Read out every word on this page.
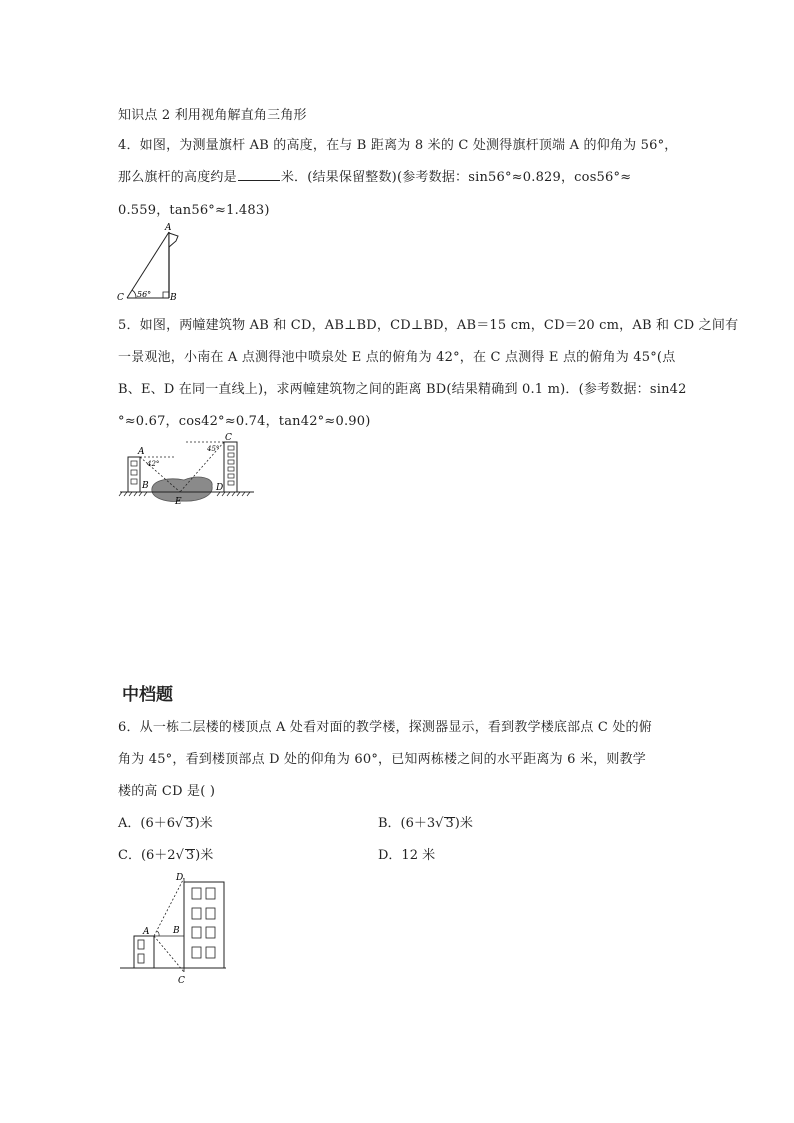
知识点 2 利用视角解直角三角形
4．如图，为测量旗杆 AB 的高度，在与 B 距离为 8 米的 C 处测得旗杆顶端 A 的仰角为 56°，
那么旗杆的高度约是	米．(结果保留整数)(参考数据：sin56°≈0.829，cos56°≈
0.559，tan56°≈1.483)
A
B
C 56°
5．如图，两幢建筑物 AB 和 CD，AB⊥BD，CD⊥BD，AB＝15 cm，CD＝20 cm，AB 和 CD 之间有
一景观池，小南在 A 点测得池中喷泉处 E 点的俯角为 42°，在 C 点测得 E 点的俯角为 45°(点
B、E、D 在同一直线上)，求两幢建筑物之间的距离 BD(结果精确到 0.1 m)．(参考数据：sin42
°≈0.67，cos42°≈0.74，tan42°≈0.90)
A
B
C
D
E
42°
45°
中档题
6．从一栋二层楼的楼顶点 A 处看对面的教学楼，探测器显示，看到教学楼底部点 C 处的俯
角为 45°，看到楼顶部点 D 处的仰角为 60°，已知两栋楼之间的水平距离为 6 米，则教学
楼的高 CD 是( )
A．(6＋6√ 3)米	B．(6＋3√ 3)米
C．(6＋2√ 3)米	D．12 米
A	B
C
D
